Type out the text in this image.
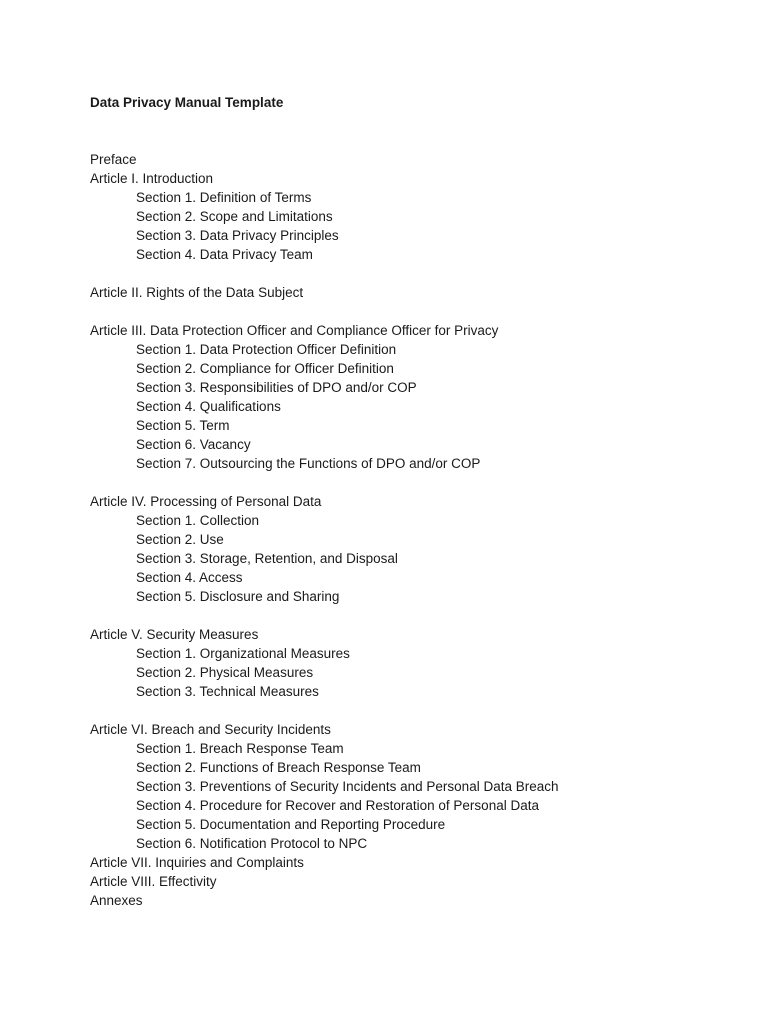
Data Privacy Manual Template
Preface
Article I. Introduction
Section 1. Definition of Terms
Section 2. Scope and Limitations
Section 3. Data Privacy Principles
Section 4. Data Privacy Team
Article II. Rights of the Data Subject
Article III. Data Protection Officer and Compliance Officer for Privacy
Section 1. Data Protection Officer Definition
Section 2. Compliance for Officer Definition
Section 3. Responsibilities of DPO and/or COP
Section 4. Qualifications
Section 5. Term
Section 6. Vacancy
Section 7. Outsourcing the Functions of DPO and/or COP
Article IV. Processing of Personal Data
Section 1. Collection
Section 2. Use
Section 3. Storage, Retention, and Disposal
Section 4. Access
Section 5. Disclosure and Sharing
Article V. Security Measures
Section 1. Organizational Measures
Section 2. Physical Measures
Section 3. Technical Measures
Article VI. Breach and Security Incidents
Section 1. Breach Response Team
Section 2. Functions of Breach Response Team
Section 3. Preventions of Security Incidents and Personal Data Breach
Section 4. Procedure for Recover and Restoration of Personal Data
Section 5. Documentation and Reporting Procedure
Section 6. Notification Protocol to NPC
Article VII. Inquiries and Complaints
Article VIII. Effectivity
Annexes
